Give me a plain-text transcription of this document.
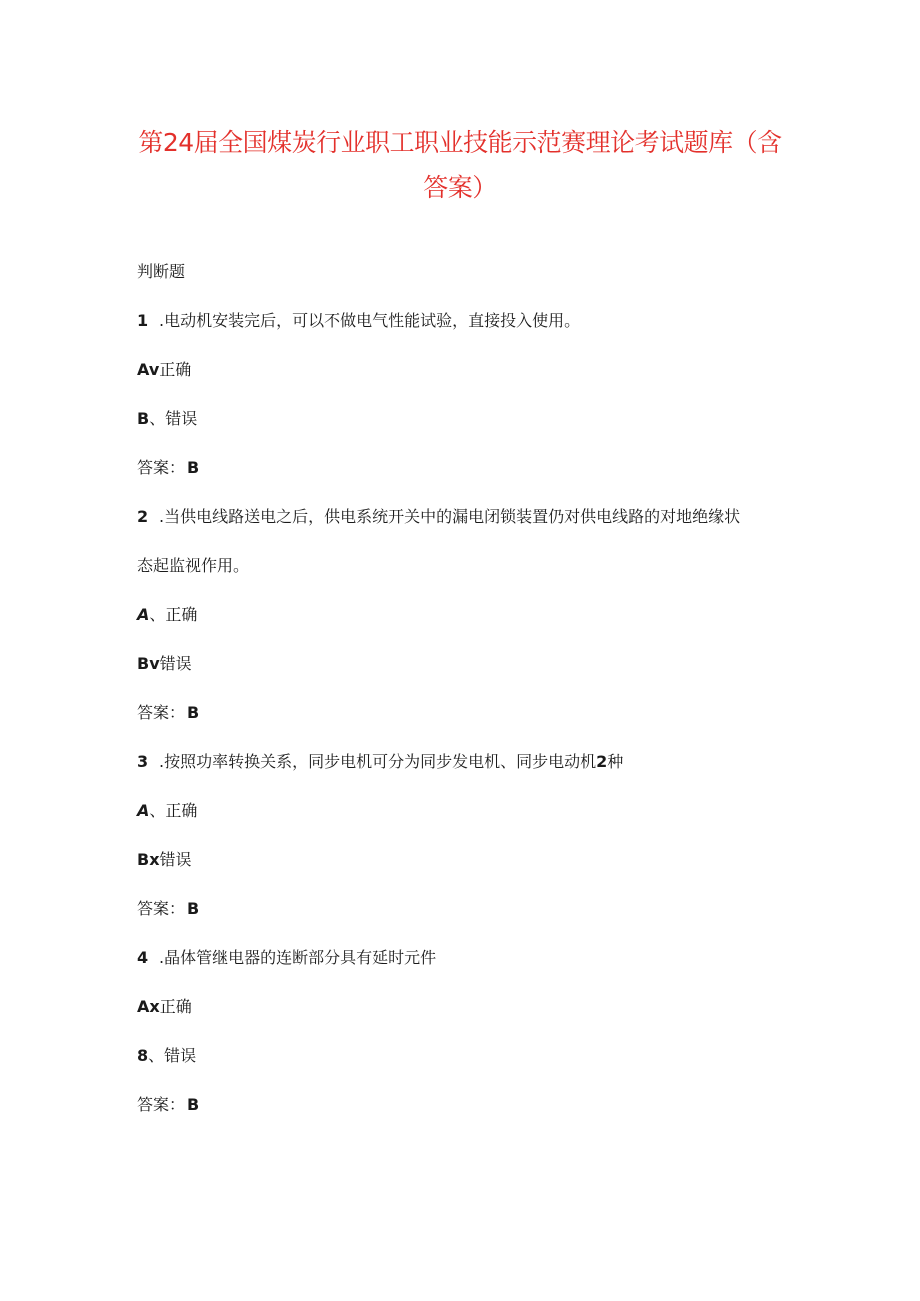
第24届全国煤炭行业职工职业技能示范赛理论考试题库（含
答案）
判断题
1 .电动机安装完后，可以不做电气性能试验，直接投入使用。
Av正确
B、错误
答案： B
2 .当供电线路送电之后，供电系统开关中的漏电闭锁装置仍对供电线路的对地绝缘状
态起监视作用。
A、正确
Bv错误
答案： B
3 .按照功率转换关系，同步电机可分为同步发电机、同步电动机2种
A、正确
Bx错误
答案： B
4 .晶体管继电器的连断部分具有延时元件
Ax正确
8、错误
答案： B
